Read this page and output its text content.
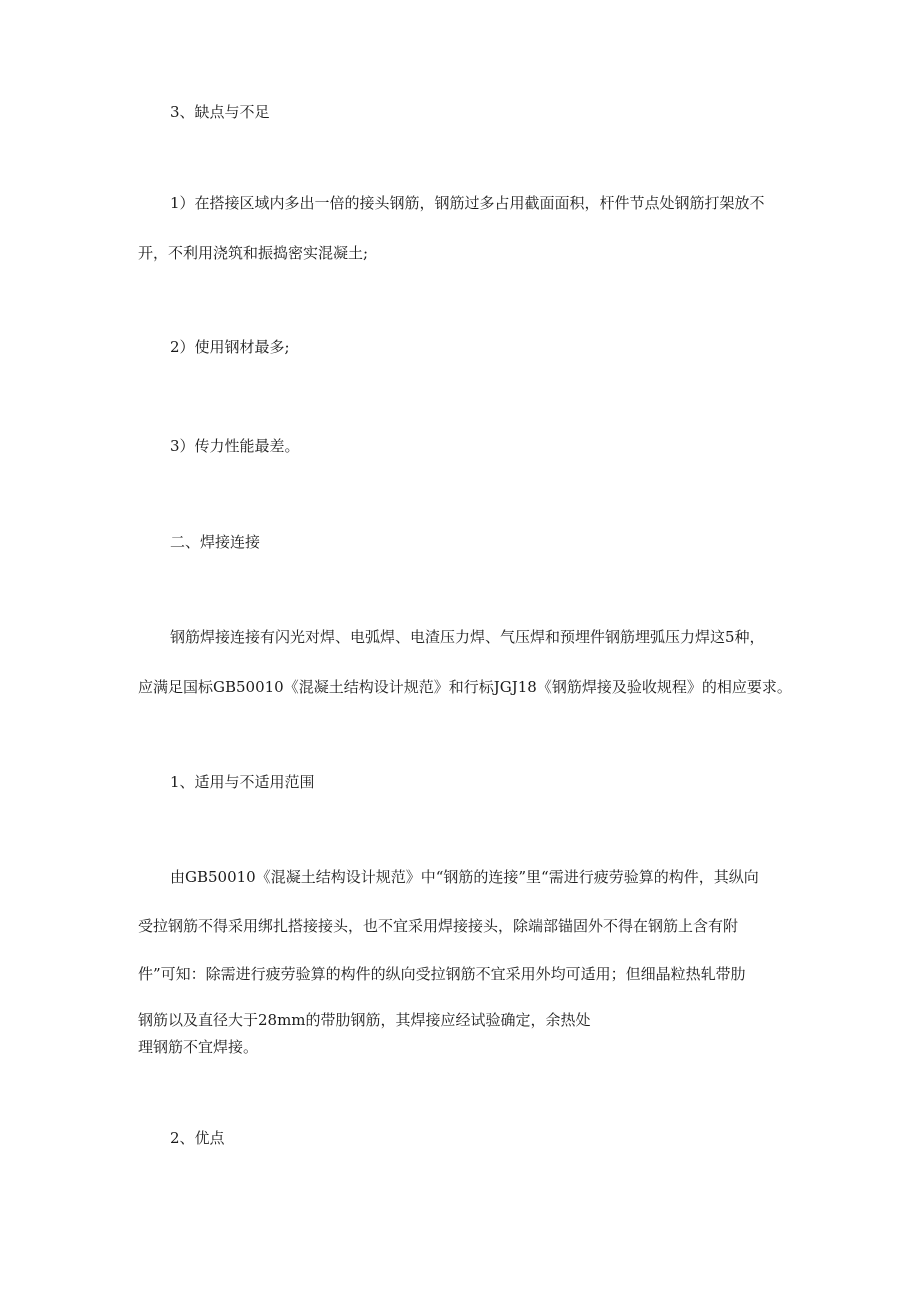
3、缺点与不足

1）在搭接区域内多出一倍的接头钢筋，钢筋过多占用截面面积，杆件节点处钢筋打架放不

开，不利用浇筑和振捣密实混凝土;

2）使用钢材最多;

3）传力性能最差。

二、焊接连接

钢筋焊接连接有闪光对焊、电弧焊、电渣压力焊、气压焊和预埋件钢筋埋弧压力焊这5种，

应满足国标GB50010《混凝土结构设计规范》和行标JGJ18《钢筋焊接及验收规程》的相应要求。

1、适用与不适用范围

由GB50010《混凝土结构设计规范》中“钢筋的连接”里“需进行疲劳验算的构件，其纵向

受拉钢筋不得采用绑扎搭接接头，也不宜采用焊接接头，除端部锚固外不得在钢筋上含有附

件”可知：除需进行疲劳验算的构件的纵向受拉钢筋不宜采用外均可适用；但细晶粒热轧带肋

钢筋以及直径大于28mm的带肋钢筋，其焊接应经试验确定，余热处

理钢筋不宜焊接。

2、优点
